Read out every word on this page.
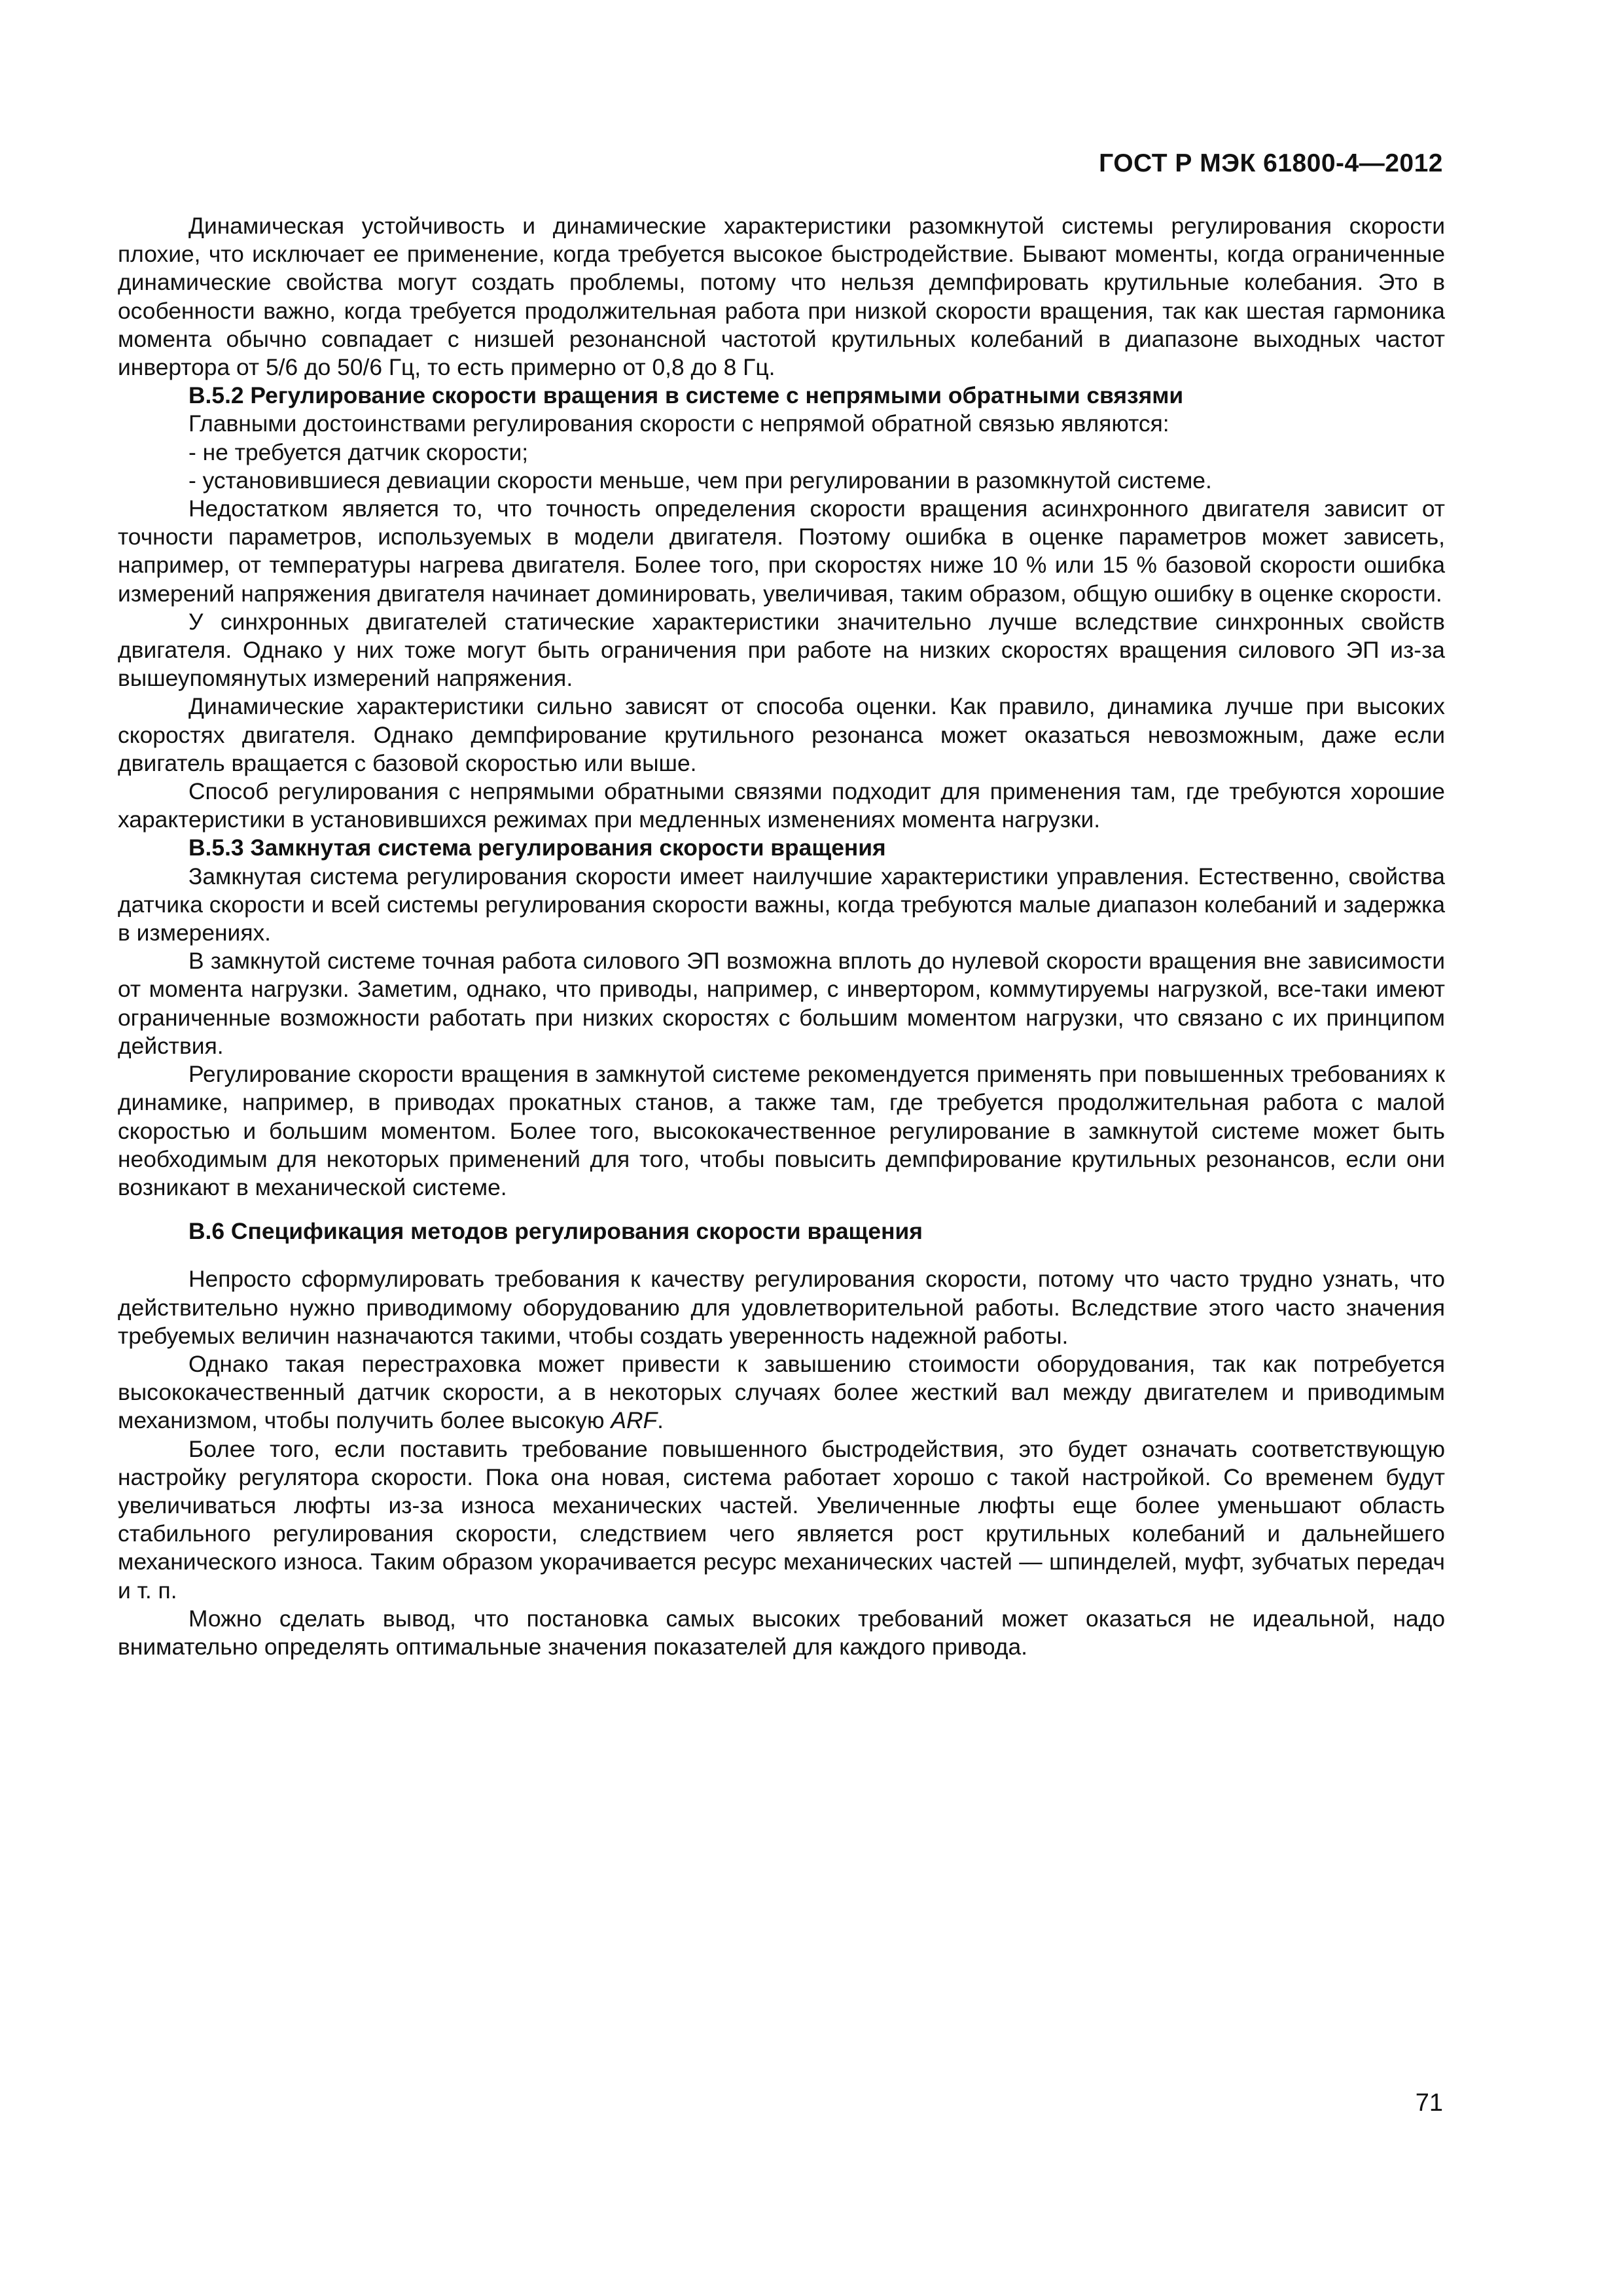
ГОСТ Р МЭК 61800-4—2012

Динамическая устойчивость и динамические характеристики разомкнутой системы регулирования скорости плохие, что исключает ее применение, когда требуется высокое быстродействие. Бывают моменты, когда ограниченные динамические свойства могут создать проблемы, потому что нельзя демпфировать крутильные колебания. Это в особенности важно, когда требуется продолжительная работа при низкой скорости вращения, так как шестая гармоника момента обычно совпадает с низшей резонансной частотой крутильных колебаний в диапазоне выходных частот инвертора от 5/6 до 50/6 Гц, то есть примерно от 0,8 до 8 Гц.

В.5.2 Регулирование скорости вращения в системе с непрямыми обратными связями

Главными достоинствами регулирования скорости с непрямой обратной связью являются:

- не требуется датчик скорости;

- установившиеся девиации скорости меньше, чем при регулировании в разомкнутой системе.

Недостатком является то, что точность определения скорости вращения асинхронного двигателя зависит от точности параметров, используемых в модели двигателя. Поэтому ошибка в оценке параметров может зависеть, например, от температуры нагрева двигателя. Более того, при скоростях ниже 10 % или 15 % базовой скорости ошибка измерений напряжения двигателя начинает доминировать, увеличивая, таким образом, общую ошибку в оценке скорости.

У синхронных двигателей статические характеристики значительно лучше вследствие синхронных свойств двигателя. Однако у них тоже могут быть ограничения при работе на низких скоростях вращения силового ЭП из-за вышеупомянутых измерений напряжения.

Динамические характеристики сильно зависят от способа оценки. Как правило, динамика лучше при высоких скоростях двигателя. Однако демпфирование крутильного резонанса может оказаться невозможным, даже если двигатель вращается с базовой скоростью или выше.

Способ регулирования с непрямыми обратными связями подходит для применения там, где требуются хорошие характеристики в установившихся режимах при медленных изменениях момента нагрузки.

В.5.3 Замкнутая система регулирования скорости вращения

Замкнутая система регулирования скорости имеет наилучшие характеристики управления. Естественно, свойства датчика скорости и всей системы регулирования скорости важны, когда требуются малые диапазон колебаний и задержка в измерениях.

В замкнутой системе точная работа силового ЭП возможна вплоть до нулевой скорости вращения вне зависимости от момента нагрузки. Заметим, однако, что приводы, например, с инвертором, коммутируемы нагрузкой, все-таки имеют ограниченные возможности работать при низких скоростях с большим моментом нагрузки, что связано с их принципом действия.

Регулирование скорости вращения в замкнутой системе рекомендуется применять при повышенных требованиях к динамике, например, в приводах прокатных станов, а также там, где требуется продолжительная работа с малой скоростью и большим моментом. Более того, высококачественное регулирование в замкнутой системе может быть необходимым для некоторых применений для того, чтобы повысить демпфирование крутильных резонансов, если они возникают в механической системе.

В.6 Спецификация методов регулирования скорости вращения

Непросто сформулировать требования к качеству регулирования скорости, потому что часто трудно узнать, что действительно нужно приводимому оборудованию для удовлетворительной работы. Вследствие этого часто значения требуемых величин назначаются такими, чтобы создать уверенность надежной работы.

Однако такая перестраховка может привести к завышению стоимости оборудования, так как потребуется высококачественный датчик скорости, а в некоторых случаях более жесткий вал между двигателем и приводимым механизмом, чтобы получить более высокую ARF.

Более того, если поставить требование повышенного быстродействия, это будет означать соответствующую настройку регулятора скорости. Пока она новая, система работает хорошо с такой настройкой. Со временем будут увеличиваться люфты из-за износа механических частей. Увеличенные люфты еще более уменьшают область стабильного регулирования скорости, следствием чего является рост крутильных колебаний и дальнейшего механического износа. Таким образом укорачивается ресурс механических частей — шпинделей, муфт, зубчатых передач и т. п.

Можно сделать вывод, что постановка самых высоких требований может оказаться не идеальной, надо внимательно определять оптимальные значения показателей для каждого привода.

71
